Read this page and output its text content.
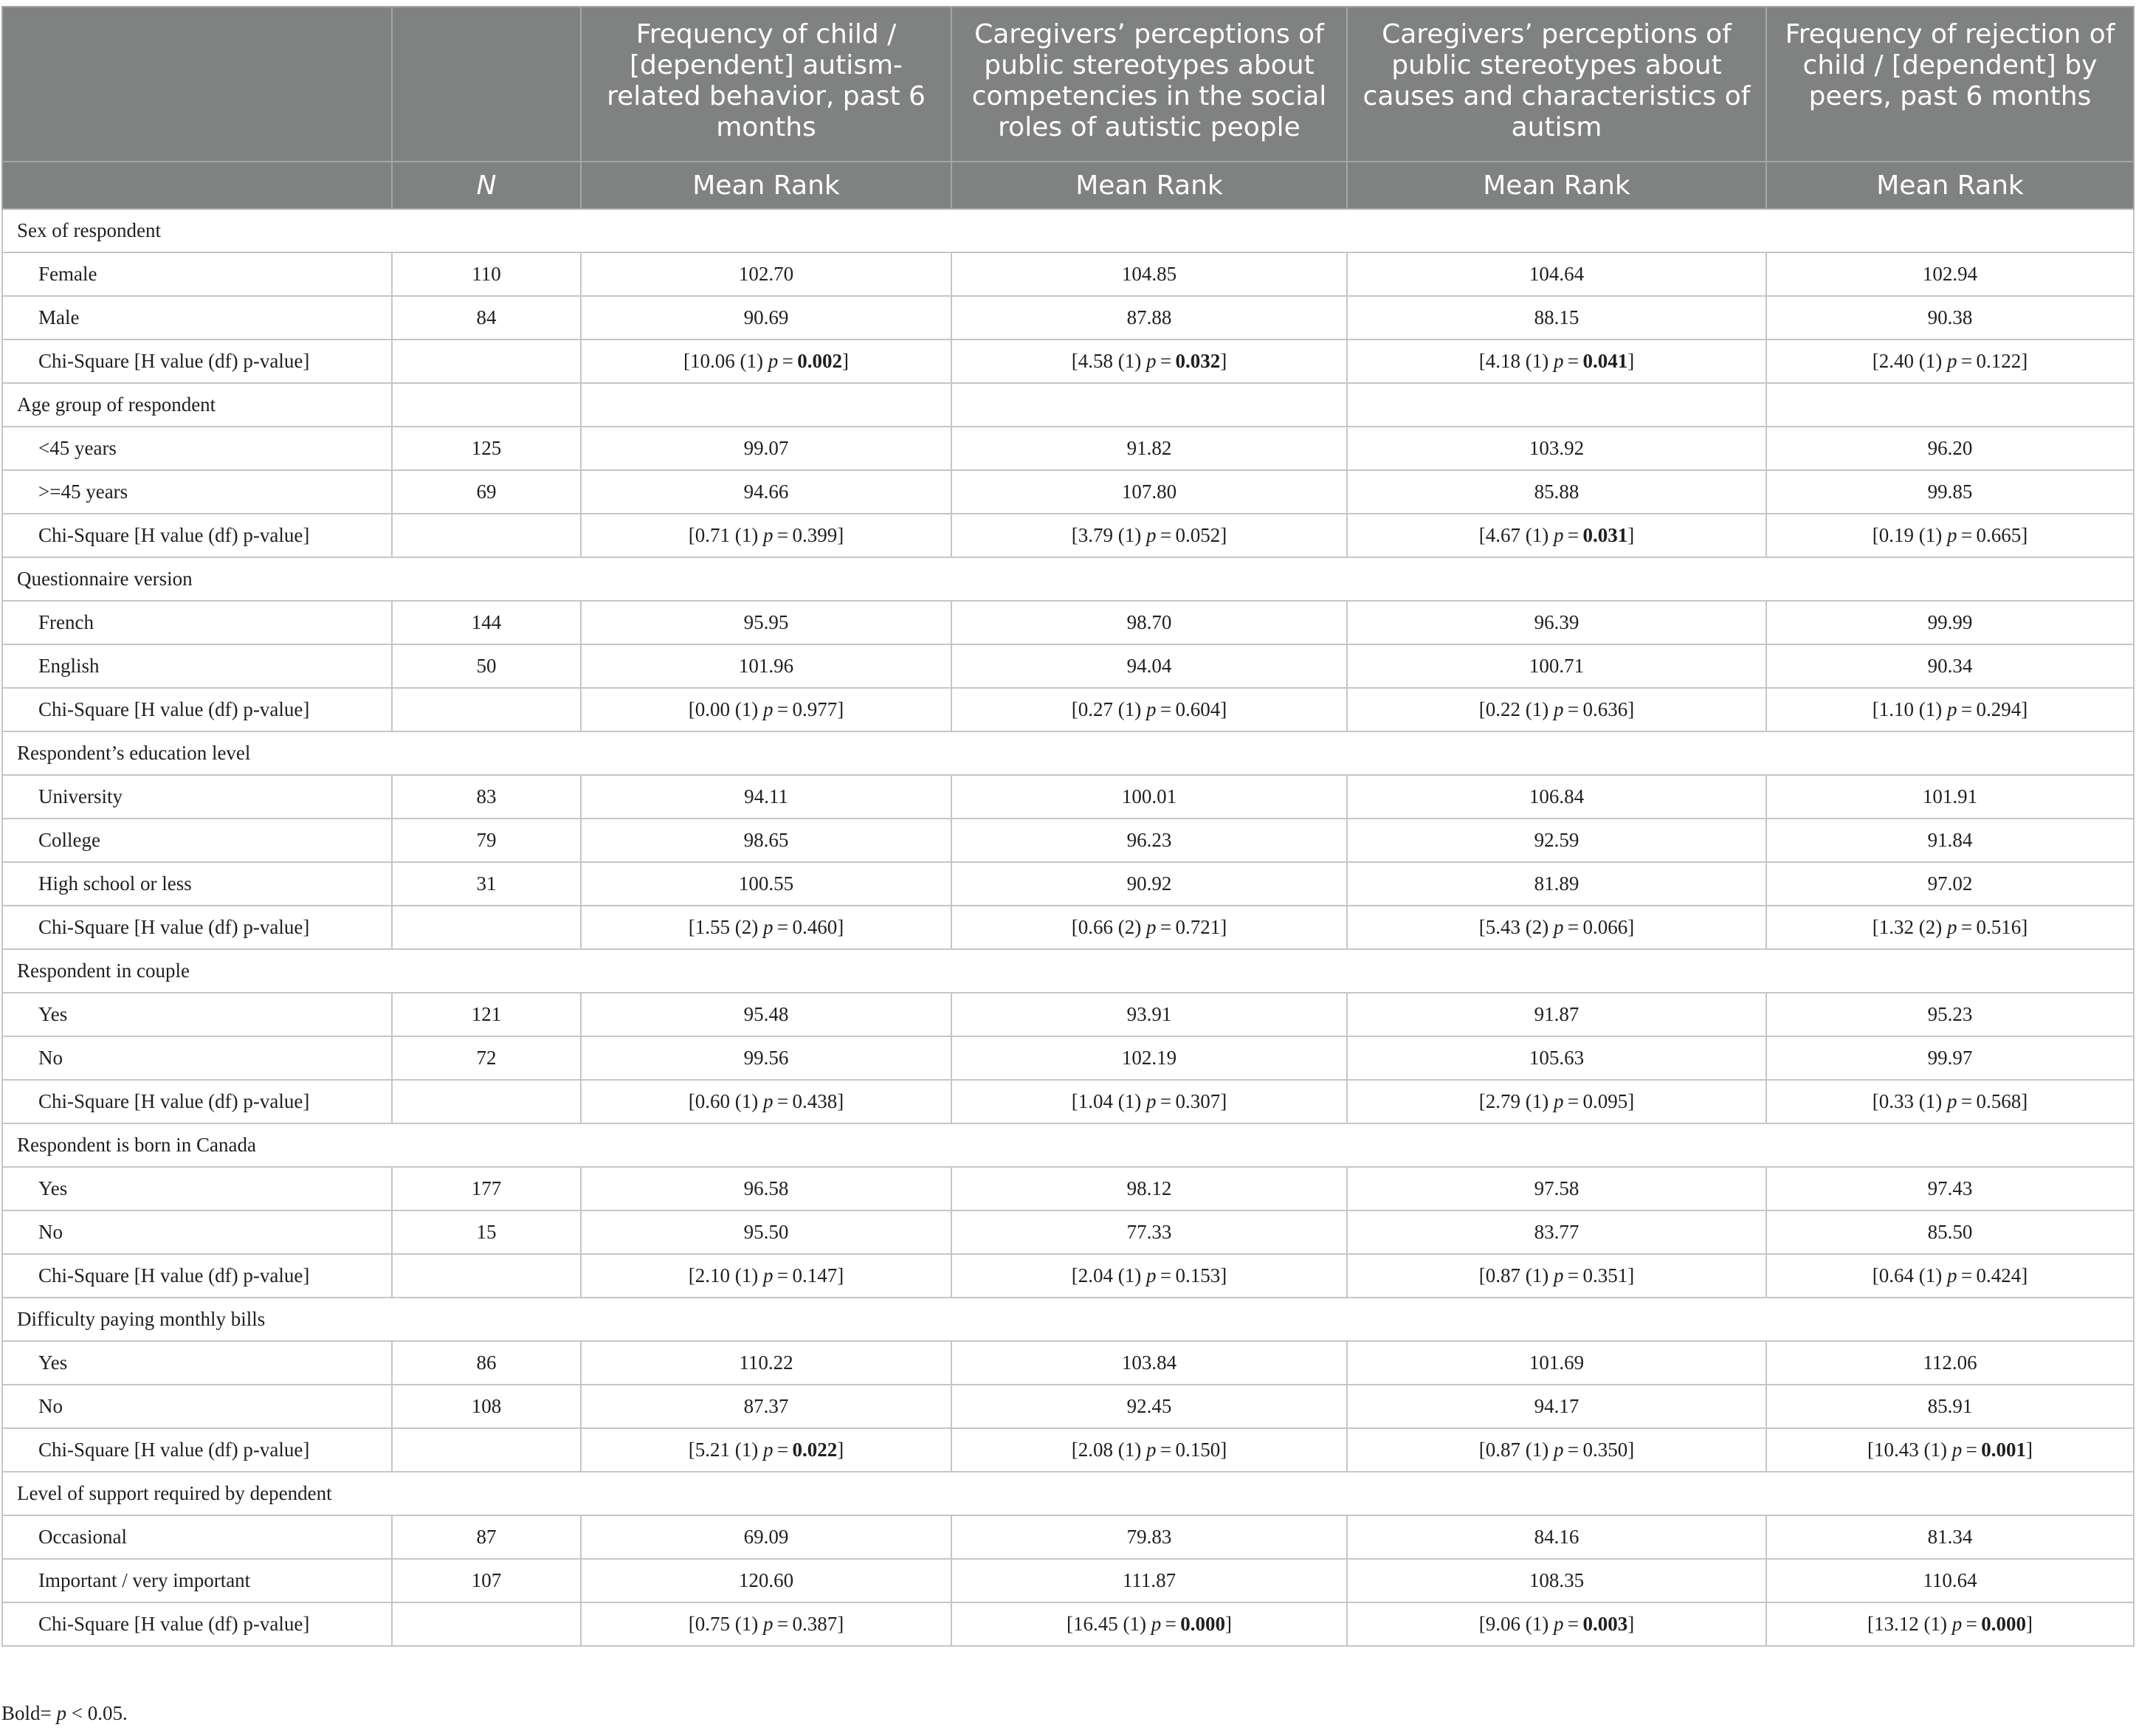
		Frequency of child / [dependent] autism-related behavior, past 6 months	Caregivers’ perceptions of public stereotypes about competencies in the social roles of autistic people	Caregivers’ perceptions of public stereotypes about causes and characteristics of autism	Frequency of rejection of child / [dependent] by peers, past 6 months
	N	Mean Rank	Mean Rank	Mean Rank	Mean Rank
Sex of respondent					
Female	110	102.70	104.85	104.64	102.94
Male	84	90.69	87.88	88.15	90.38
Chi-Square [H value (df) p-value]		[10.06 (1) p = 0.002]	[4.58 (1) p = 0.032]	[4.18 (1) p = 0.041]	[2.40 (1) p = 0.122]
Age group of respondent					
<45 years	125	99.07	91.82	103.92	96.20
>=45 years	69	94.66	107.80	85.88	99.85
Chi-Square [H value (df) p-value]		[0.71 (1) p = 0.399]	[3.79 (1) p = 0.052]	[4.67 (1) p = 0.031]	[0.19 (1) p = 0.665]
Questionnaire version					
French	144	95.95	98.70	96.39	99.99
English	50	101.96	94.04	100.71	90.34
Chi-Square [H value (df) p-value]		[0.00 (1) p = 0.977]	[0.27 (1) p = 0.604]	[0.22 (1) p = 0.636]	[1.10 (1) p = 0.294]
Respondent’s education level					
University	83	94.11	100.01	106.84	101.91
College	79	98.65	96.23	92.59	91.84
High school or less	31	100.55	90.92	81.89	97.02
Chi-Square [H value (df) p-value]		[1.55 (2) p = 0.460]	[0.66 (2) p = 0.721]	[5.43 (2) p = 0.066]	[1.32 (2) p = 0.516]
Respondent in couple					
Yes	121	95.48	93.91	91.87	95.23
No	72	99.56	102.19	105.63	99.97
Chi-Square [H value (df) p-value]		[0.60 (1) p = 0.438]	[1.04 (1) p = 0.307]	[2.79 (1) p = 0.095]	[0.33 (1) p = 0.568]
Respondent is born in Canada					
Yes	177	96.58	98.12	97.58	97.43
No	15	95.50	77.33	83.77	85.50
Chi-Square [H value (df) p-value]		[2.10 (1) p = 0.147]	[2.04 (1) p = 0.153]	[0.87 (1) p = 0.351]	[0.64 (1) p = 0.424]
Difficulty paying monthly bills					
Yes	86	110.22	103.84	101.69	112.06
No	108	87.37	92.45	94.17	85.91
Chi-Square [H value (df) p-value]		[5.21 (1) p = 0.022]	[2.08 (1) p = 0.150]	[0.87 (1) p = 0.350]	[10.43 (1) p = 0.001]
Level of support required by dependent					
Occasional	87	69.09	79.83	84.16	81.34
Important / very important	107	120.60	111.87	108.35	110.64
Chi-Square [H value (df) p-value]		[0.75 (1) p = 0.387]	[16.45 (1) p = 0.000]	[9.06 (1) p = 0.003]	[13.12 (1) p = 0.000]
Bold= p < 0.05.
